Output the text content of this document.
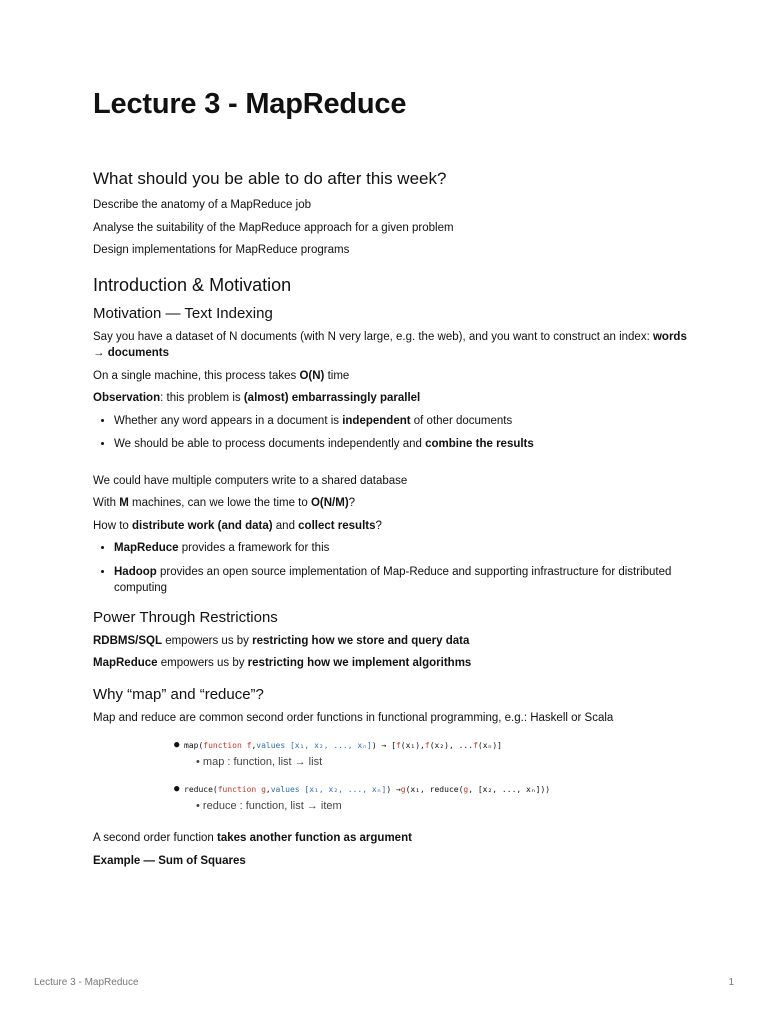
Lecture 3 - MapReduce
What should you be able to do after this week?

Describe the anatomy of a MapReduce job

Analyse the suitability of the MapReduce approach for a given problem

Design implementations for MapReduce programs

Introduction & Motivation
Motivation — Text Indexing

Say you have a dataset of N documents (with N very large, e.g. the web), and you want to construct an index: words → documents

On a single machine, this process takes O(N) time

Observation: this problem is (almost) embarrassingly parallel

• Whether any word appears in a document is independent of other documents
• We should be able to process documents independently and combine the results

We could have multiple computers write to a shared database

With M machines, can we lowe the time to O(N/M)?

How to distribute work (and data) and collect results?

• MapReduce provides a framework for this
• Hadoop provides an open source implementation of Map-Reduce and supporting infrastructure for distributed computing
Power Through Restrictions

RDBMS/SQL empowers us by restricting how we store and query data

MapReduce empowers us by restricting how we implement algorithms

Why “map” and “reduce”?

Map and reduce are common second order functions in functional programming, e.g.: Haskell or Scala

● map( function f , values [x₁, x₂, ..., xₙ] ) → [ f (x₁), f (x₂), ... f (xₙ)]
• map : function, list → list
● reduce( function g , values [x₁, x₂, ..., xₙ] ) → g (x₁, reduce( g , [x₂, ..., xₙ]))
• reduce : function, list → item

A second order function takes another function as argument

Example — Sum of Squares

Lecture 3 - MapReduce	1
